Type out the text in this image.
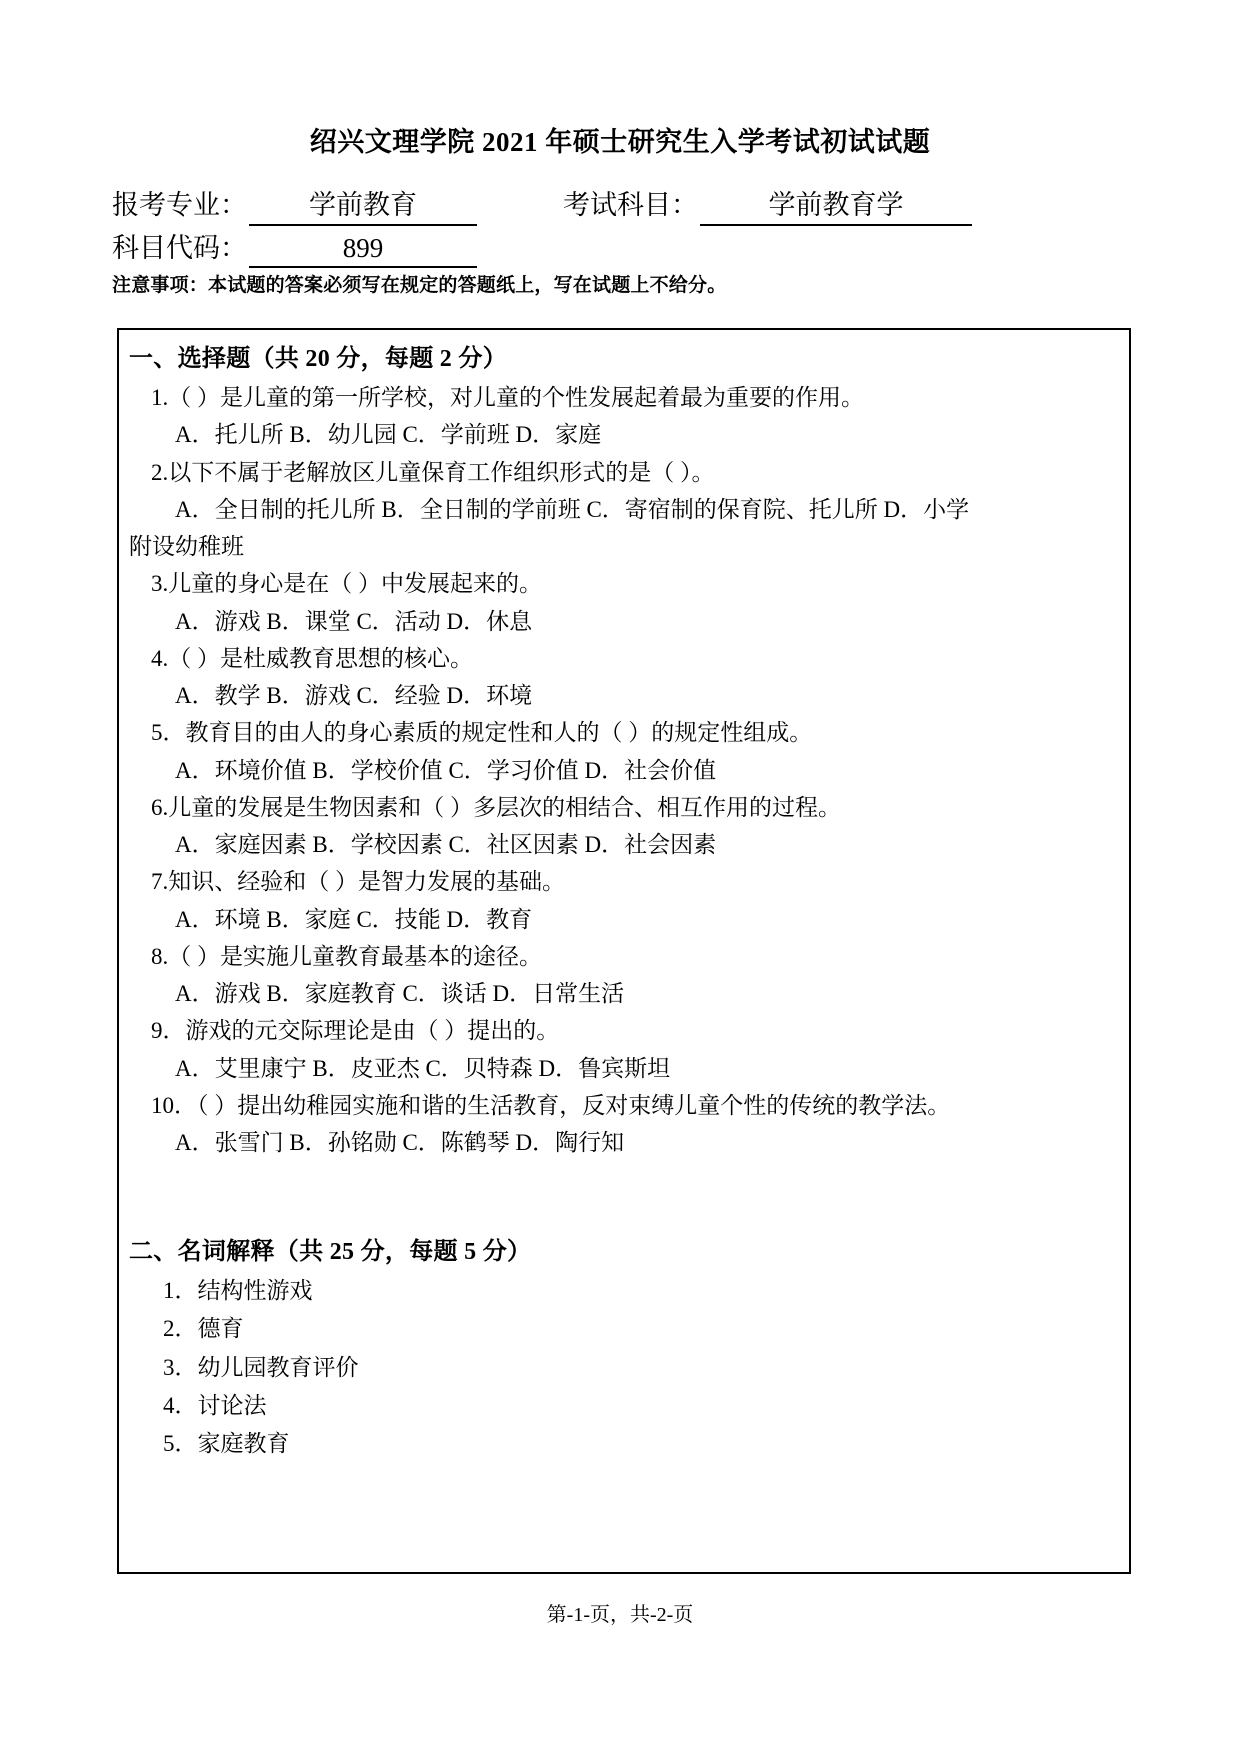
绍兴文理学院 2021 年硕士研究生入学考试初试试题
报考专业：	学前教育	考试科目：	学前教育学
科目代码：	899
注意事项：本试题的答案必须写在规定的答题纸上，写在试题上不给分。
一、选择题（共 20 分，每题 2 分）
1.（ ）是儿童的第一所学校，对儿童的个性发展起着最为重要的作用。
A．托儿所 B．幼儿园 C．学前班 D．家庭
2.以下不属于老解放区儿童保育工作组织形式的是（ ）。
A．全日制的托儿所 B．全日制的学前班 C．寄宿制的保育院、托儿所 D．小学
附设幼稚班
3.儿童的身心是在（ ）中发展起来的。
A．游戏 B．课堂 C．活动 D．休息
4.（ ）是杜威教育思想的核心。
A．教学 B．游戏 C．经验 D．环境
5．教育目的由人的身心素质的规定性和人的（ ）的规定性组成。
A．环境价值 B．学校价值 C．学习价值 D．社会价值
6.儿童的发展是生物因素和（ ）多层次的相结合、相互作用的过程。
A．家庭因素 B．学校因素 C．社区因素 D．社会因素
7.知识、经验和（ ）是智力发展的基础。
A．环境 B．家庭 C．技能 D．教育
8.（ ）是实施儿童教育最基本的途径。
A．游戏 B．家庭教育 C．谈话 D．日常生活
9．游戏的元交际理论是由（ ）提出的。
A．艾里康宁 B．皮亚杰 C．贝特森 D．鲁宾斯坦
10．（ ）提出幼稚园实施和谐的生活教育，反对束缚儿童个性的传统的教学法。
A．张雪门 B．孙铭勋 C．陈鹤琴 D．陶行知
二、名词解释（共 25 分，每题 5 分）
1．结构性游戏
2．德育
3．幼儿园教育评价
4．讨论法
5．家庭教育
第-1-页，共-2-页
